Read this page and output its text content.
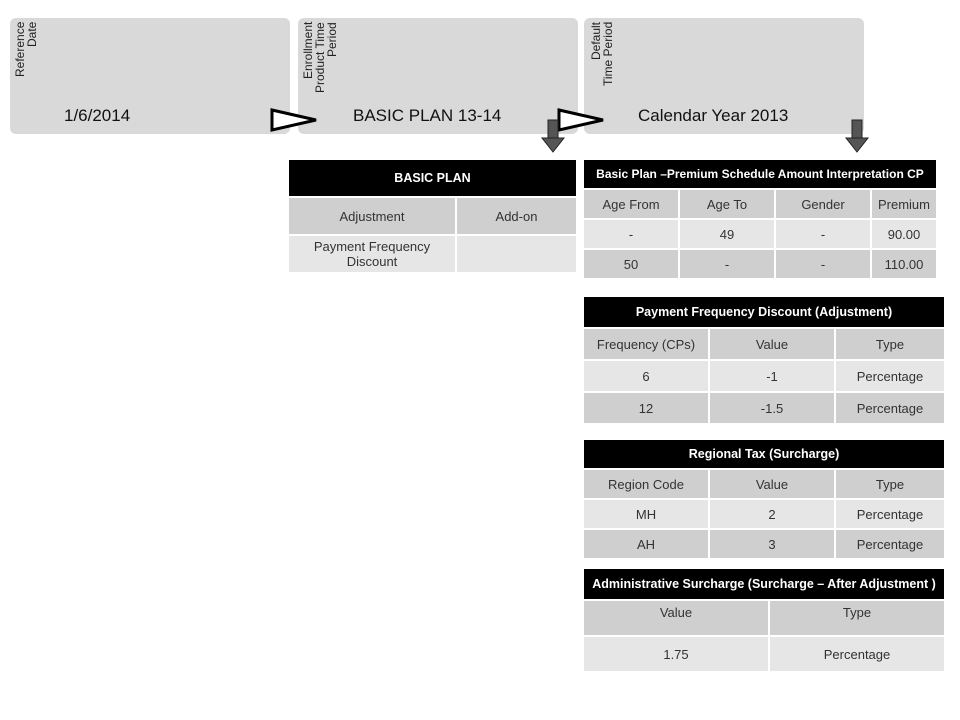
Reference
Date
1/6/2014
Enrollment
Product Time
Period
BASIC PLAN 13-14
Default
Time Period
Calendar Year 2013
BASIC PLAN	
Adjustment	Add-on
Payment Frequency Discount	
Basic Plan –Premium Schedule Amount Interpretation CP			
Age From	Age To	Gender	Premium
-	49	-	90.00
50	-	-	110.00
Payment Frequency Discount (Adjustment)		
Frequency (CPs)	Value	Type
6	-1	Percentage
12	-1.5	Percentage
Regional Tax (Surcharge)		
Region Code	Value	Type
MH	2	Percentage
AH	3	Percentage
Administrative Surcharge (Surcharge – After Adjustment )	
Value	Type
1.75	Percentage
